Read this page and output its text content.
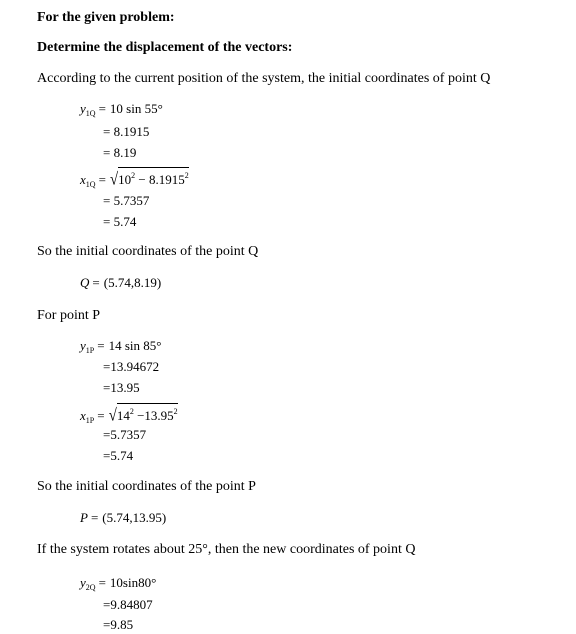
For the given problem:
Determine the displacement of the vectors:
According to the current position of the system, the initial coordinates of point Q
$y_{1Q} = 10$ sin 55°
= 8.1915
= 8.19
$x_{1Q} = √10^2 - 8.1915^2$
= 5.7357
= 5.74
So the initial coordinates of the point Q
Q = (5.74,8.19)
For point P
$y_{1P} = 14$ sin 85°
=13.94672
=13.95
$x_{1P} = √14^2 -13.95^2$
=5.7357
=5.74
So the initial coordinates of the point P
P = (5.74,13.95)
If the system rotates about 25°, then the new coordinates of point Q
$y_{2Q} = 10\sin 80^\circ$
=9.84807
=9.85
